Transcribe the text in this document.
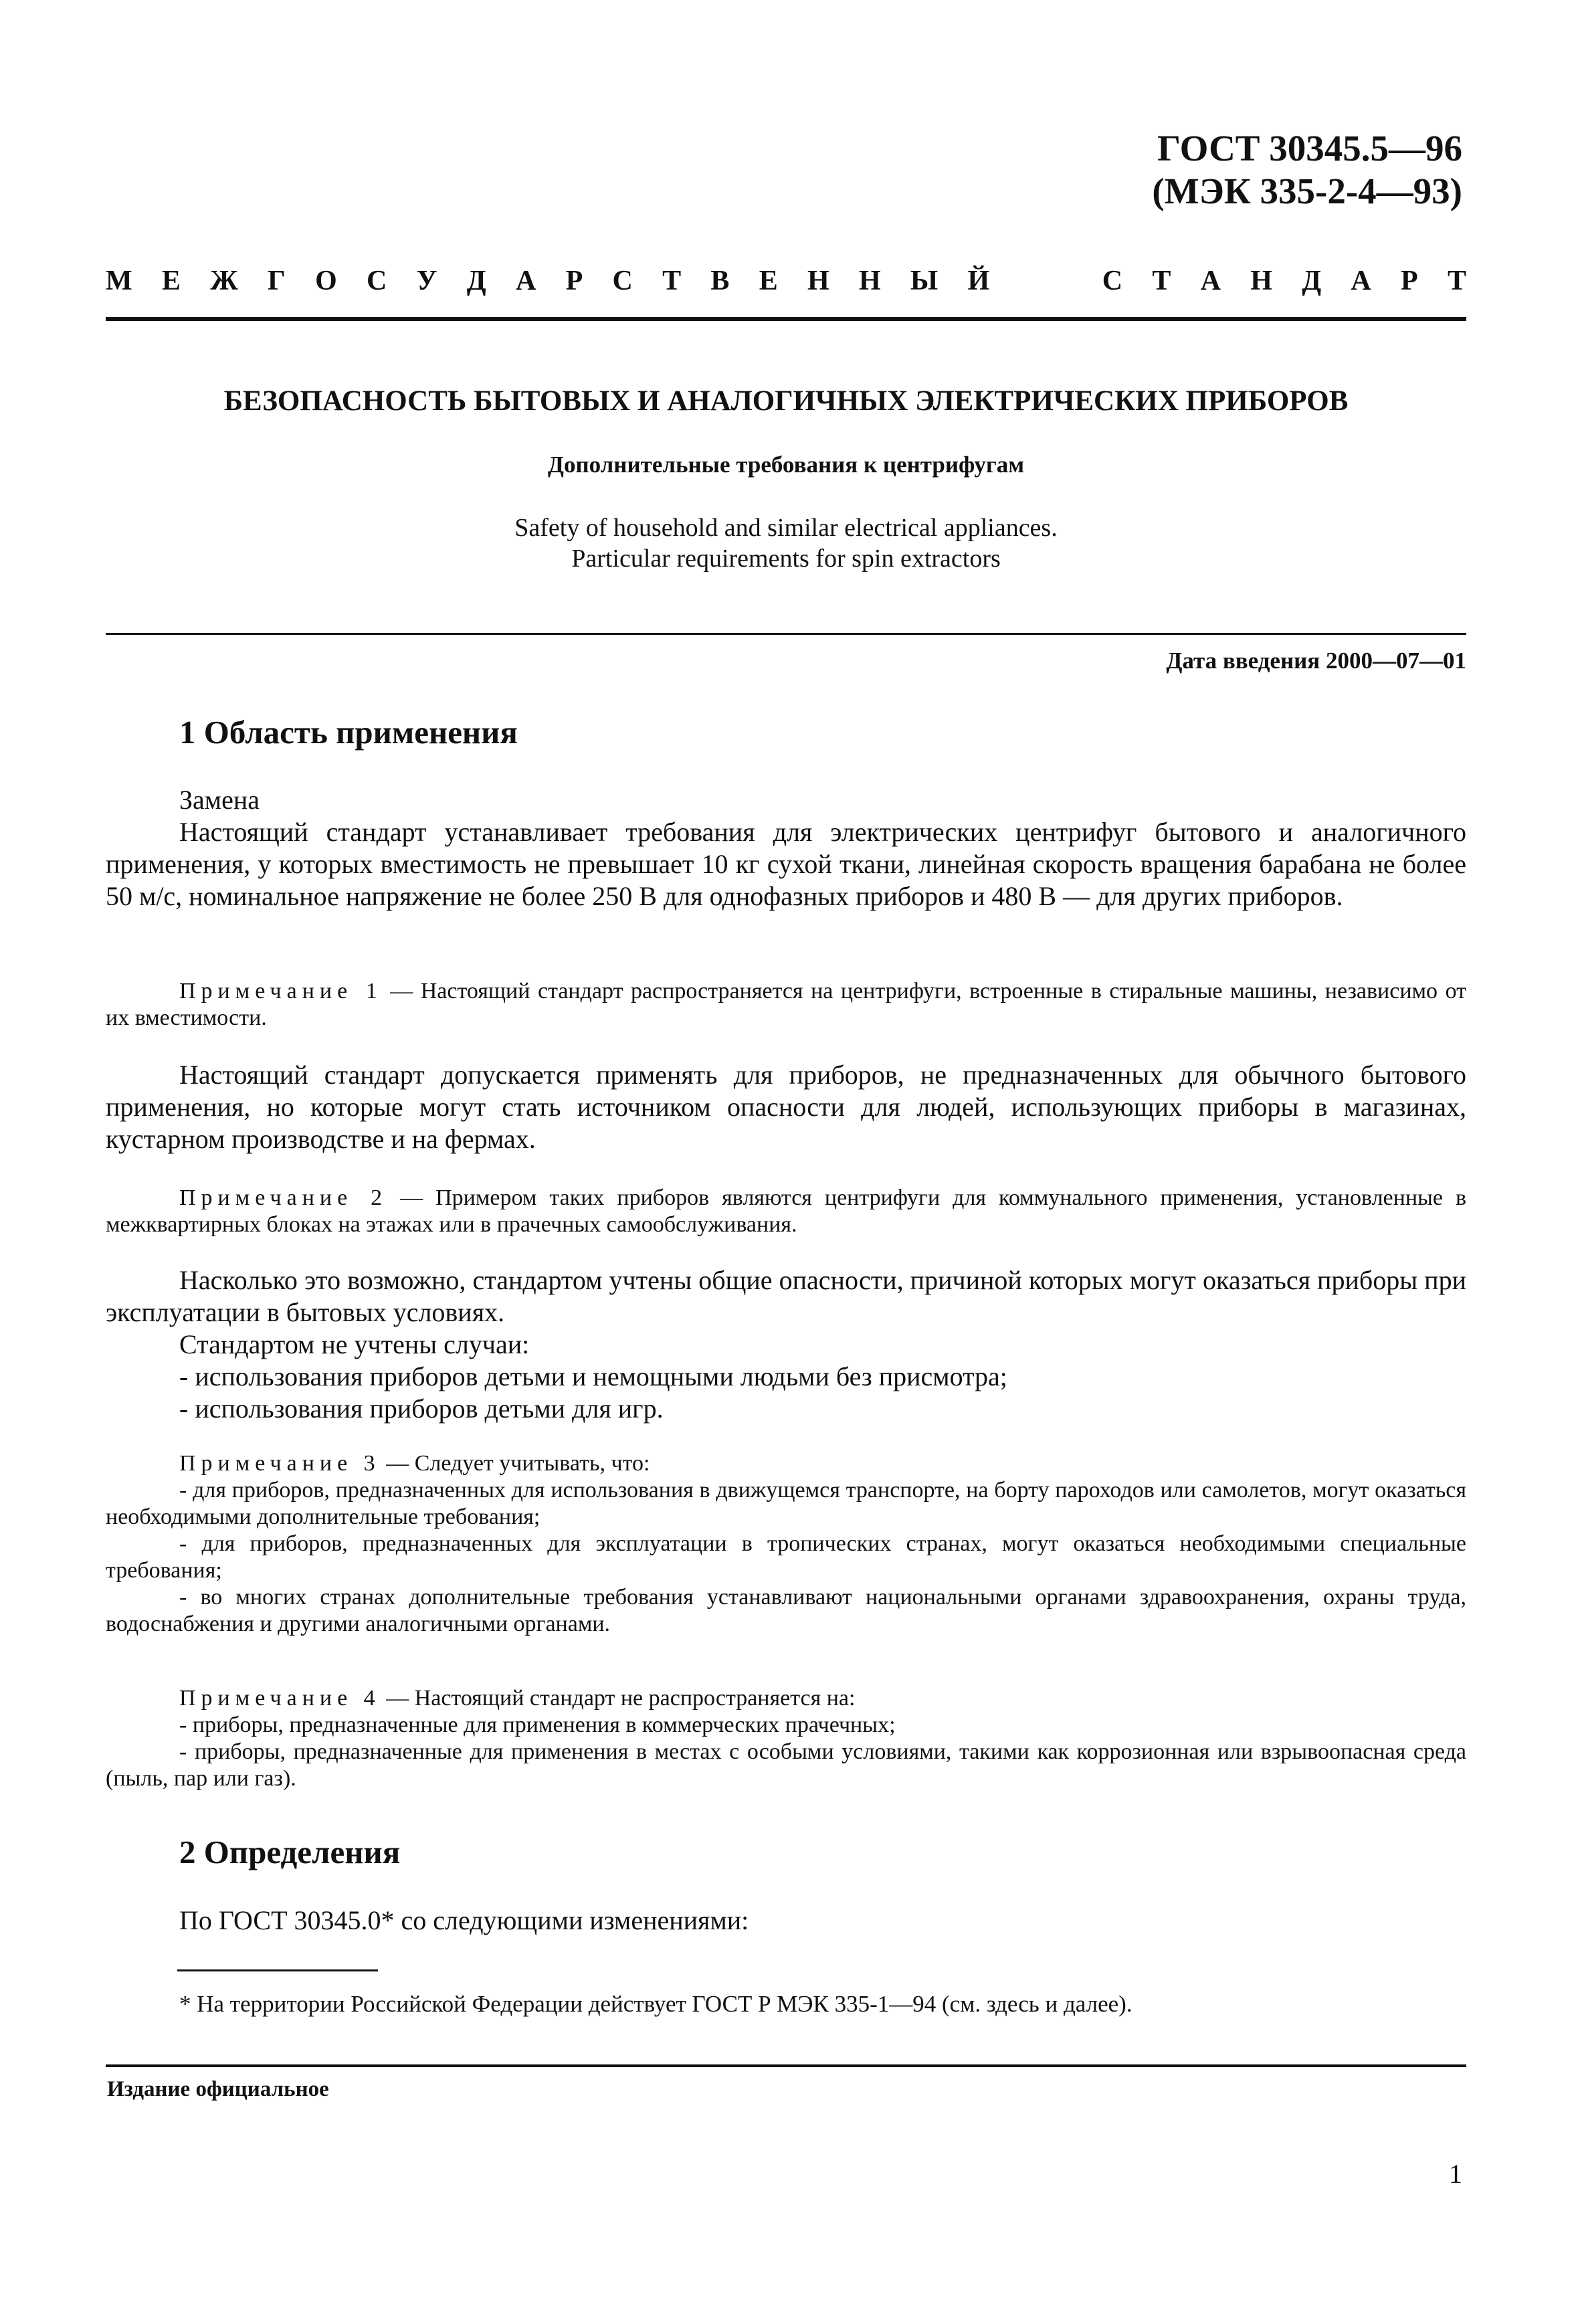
ГОСТ 30345.5—96
(МЭК 335-2-4—93)
М Е Ж Г О С У Д А Р С Т В Е Н Н Ы Й	С Т А Н Д А Р Т
БЕЗОПАСНОСТЬ БЫТОВЫХ И АНАЛОГИЧНЫХ ЭЛЕКТРИЧЕСКИХ ПРИБОРОВ
Дополнительные требования к центрифугам
Safety of household and similar electrical appliances.
Particular requirements for spin extractors
Дата введения 2000—07—01
1 Область применения
Замена

Настоящий стандарт устанавливает требования для электрических центрифуг бытового и аналогичного применения, у которых вместимость не превышает 10 кг сухой ткани, линейная скорость вращения барабана не более 50 м/с, номинальное напряжение не более 250 В для однофазных приборов и 480 В — для других приборов.

Примечание 1 — Настоящий стандарт распространяется на центрифуги, встроенные в стиральные машины, независимо от их вместимости.

Настоящий стандарт допускается применять для приборов, не предназначенных для обычного бытового применения, но которые могут стать источником опасности для людей, использующих приборы в магазинах, кустарном производстве и на фермах.

Примечание 2 — Примером таких приборов являются центрифуги для коммунального применения, установленные в межквартирных блоках на этажах или в прачечных самообслуживания.

Насколько это возможно, стандартом учтены общие опасности, причиной которых могут оказаться приборы при эксплуатации в бытовых условиях.

Стандартом не учтены случаи:
- использования приборов детьми и немощными людьми без присмотра;
- использования приборов детьми для игр.

Примечание 3 — Следует учитывать, что:

- для приборов, предназначенных для использования в движущемся транспорте, на борту пароходов или самолетов, могут оказаться необходимыми дополнительные требования;
- для приборов, предназначенных для эксплуатации в тропических странах, могут оказаться необходимыми специальные требования;
- во многих странах дополнительные требования устанавливают национальными органами здравоохранения, охраны труда, водоснабжения и другими аналогичными органами.

Примечание 4 — Настоящий стандарт не распространяется на:

- приборы, предназначенные для применения в коммерческих прачечных;
- приборы, предназначенные для применения в местах с особыми условиями, такими как коррозионная или взрывоопасная среда (пыль, пар или газ).
2 Определения

По ГОСТ 30345.0* со следующими изменениями:

* На территории Российской Федерации действует ГОСТ Р МЭК 335-1—94 (см. здесь и далее).
Издание официальное
1
